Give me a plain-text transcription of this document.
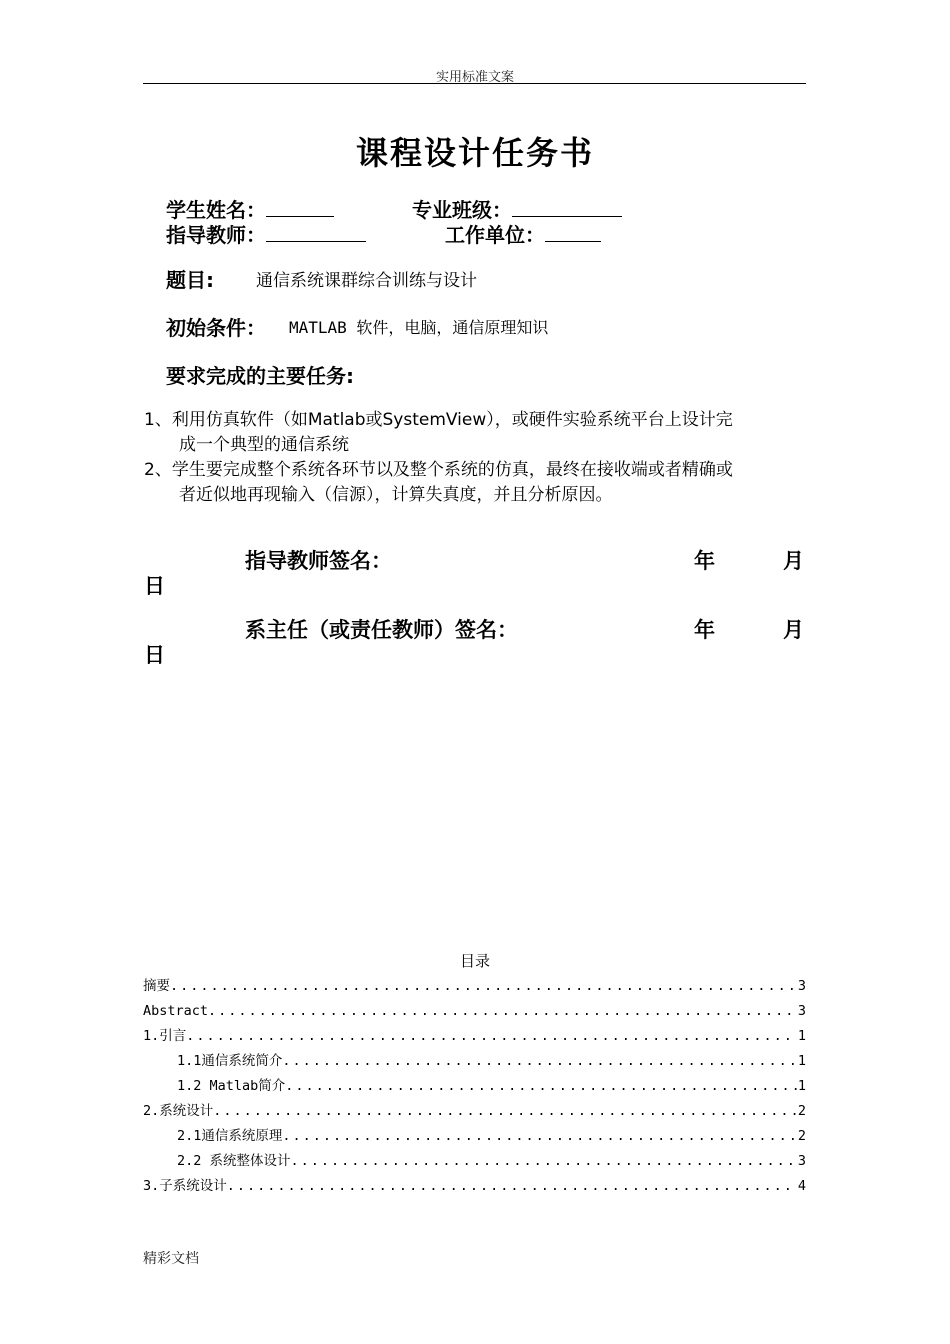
实用标准文案
课程设计任务书
学生姓名：	专业班级：
指导教师：	工作单位：
题目: 通信系统课群综合训练与设计
初始条件： MATLAB 软件，电脑，通信原理知识
要求完成的主要任务:
1、利用仿真软件（如Matlab或SystemView），或硬件实验系统平台上设计完
成一个典型的通信系统
2、学生要完成整个系统各环节以及整个系统的仿真，最终在接收端或者精确或
者近似地再现输入（信源），计算失真度，并且分析原因。
指导教师签名：	年	月
日
系主任（或责任教师）签名：	年	月
日
目录
摘要 .....	3
Abstract .....	3
1.引言 .....	1
1.1通信系统简介 .....	1
1.2 Matlab简介 .....	1
2.系统设计 .....	2
2.1通信系统原理 .....	2
2.2 系统整体设计 .....	3
3.子系统设计 .....	4
精彩文档
